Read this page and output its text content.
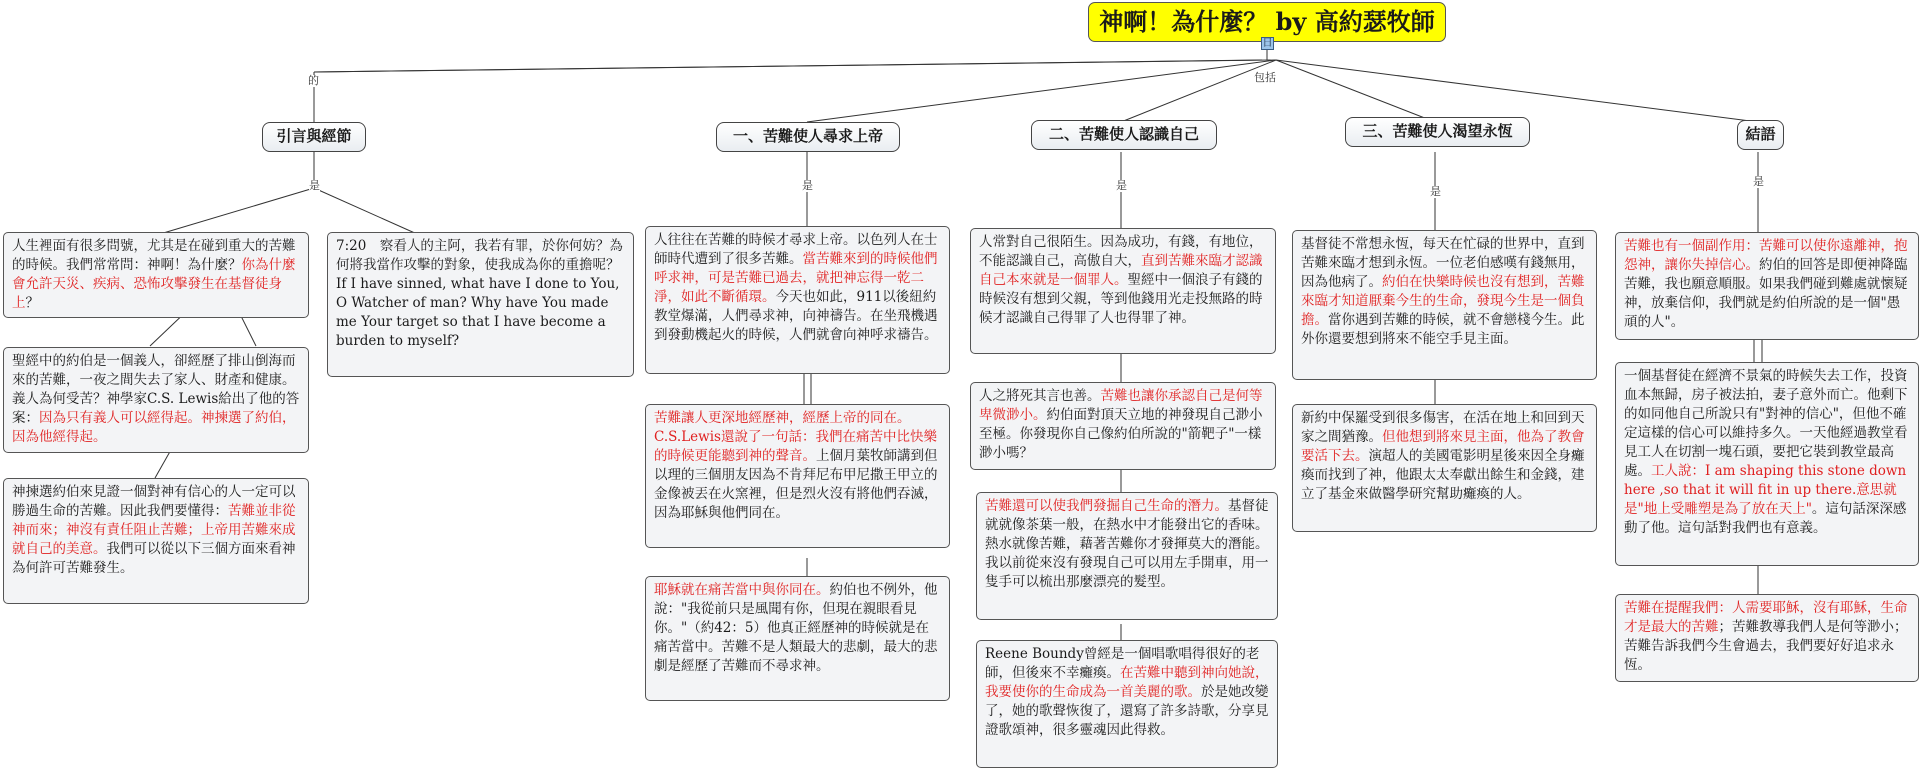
神啊！為什麼？ by 高約瑟牧師
日
的	包括
是	是	是	是
是
引言與經節	一、苦難使人尋求上帝	二、苦難使人認識自己	三、苦難使人渴望永恆	結語
人生裡面有很多問號，尤其是在碰到重大的苦難的時候。我們常常問：神啊！為什麼？你為什麼會允許天災、疾病、恐怖攻擊發生在基督徒身上？
7:20　察看人的主阿，我若有罪，於你何妨？為何將我當作攻擊的對象，使我成為你的重擔呢？
If I have sinned, what have I done to You, O Watcher of man? Why have You made me Your target so that I have become a burden to myself?
聖經中的約伯是一個義人，卻經歷了排山倒海而來的苦難，一夜之間失去了家人、財產和健康。義人為何受苦？神學家C.S. Lewis給出了他的答案：因為只有義人可以經得起。神揀選了約伯，因為他經得起。
神揀選約伯來見證一個對神有信心的人一定可以勝過生命的苦難。因此我們要懂得：苦難並非從神而來；神沒有責任阻止苦難；上帝用苦難來成就自己的美意。我們可以從以下三個方面來看神為何許可苦難發生。
人往往在苦難的時候才尋求上帝。以色列人在士師時代遭到了很多苦難。當苦難來到的時候他們呼求神，可是苦難已過去，就把神忘得一乾二淨，如此不斷循環。今天也如此，911以後紐約教堂爆滿，人們尋求神，向神禱告。在坐飛機遇到發動機起火的時候，人們就會向神呼求禱告。
苦難讓人更深地經歷神，經歷上帝的同在。C.S.Lewis還說了一句話：我們在痛苦中比快樂的時候更能聽到神的聲音。上個月葉牧師講到但以理的三個朋友因為不肯拜尼布甲尼撒王甲立的金像被丟在火窯裡，但是烈火沒有將他們吞滅，因為耶穌與他們同在。
耶穌就在痛苦當中與你同在。約伯也不例外，他說："我從前只是風聞有你，但現在親眼看見你。"（約42：5）他真正經歷神的時候就是在痛苦當中。苦難不是人類最大的悲劇，最大的悲劇是經歷了苦難而不尋求神。
人常對自己很陌生。因為成功，有錢，有地位，不能認識自己，高傲自大，直到苦難來臨才認識自己本來就是一個罪人。聖經中一個浪子有錢的時候沒有想到父親，等到他錢用光走投無路的時候才認識自己得罪了人也得罪了神。
人之將死其言也善。苦難也讓你承認自己是何等卑微渺小。約伯面對頂天立地的神發現自己渺小至極。你發現你自己像約伯所說的"箭靶子"一樣渺小嗎？
苦難還可以使我們發掘自己生命的潛力。基督徒就就像茶葉一般，在熱水中才能發出它的香味。熱水就像苦難，藉著苦難你才發揮莫大的潛能。我以前從來沒有發現自己可以用左手開車，用一隻手可以梳出那麼漂亮的髮型。
Reene Boundy曾經是一個唱歌唱得很好的老師，但後來不幸癱瘓。在苦難中聽到神向她說，我要使你的生命成為一首美麗的歌。於是她改變了，她的歌聲恢復了，還寫了許多詩歌，分享見證歌頌神，很多靈魂因此得救。
基督徒不常想永恆，每天在忙碌的世界中，直到苦難來臨才想到永恆。一位老伯感嘆有錢無用，因為他病了。約伯在快樂時候也沒有想到，苦難來臨才知道厭棄今生的生命，發現今生是一個負擔。當你遇到苦難的時候，就不會戀棧今生。此外你還要想到將來不能空手見主面。
新約中保羅受到很多傷害，在活在地上和回到天家之間猶豫。但他想到將來見主面，他為了教會要活下去。演超人的美國電影明星後來因全身癱瘓而找到了神，他跟太太奉獻出餘生和金錢，建立了基金來做醫學研究幫助癱瘓的人。
苦難也有一個副作用：苦難可以使你遠離神，抱怨神，讓你失掉信心。約伯的回答是即便神降臨苦難，我也願意順服。如果我們碰到難處就懷疑神，放棄信仰，我們就是約伯所說的是一個"愚頑的人"。
一個基督徒在經濟不景氣的時候失去工作，投資血本無歸，房子被法拍，妻子意外而亡。他剩下的如同他自己所說只有"對神的信心"，但他不確定這樣的信心可以維持多久。一天他經過教堂看見工人在切割一塊石頭，要把它裝到教堂最高處。工人說：I am shaping this stone down here ,so that it will fit in up there.意思就是"地上受雕塑是為了放在天上"。這句話深深感動了他。這句話對我們也有意義。
苦難在提醒我們：人需要耶穌，沒有耶穌，生命才是最大的苦難；苦難教導我們人是何等渺小；苦難告訴我們今生會過去，我們要好好追求永恆。
